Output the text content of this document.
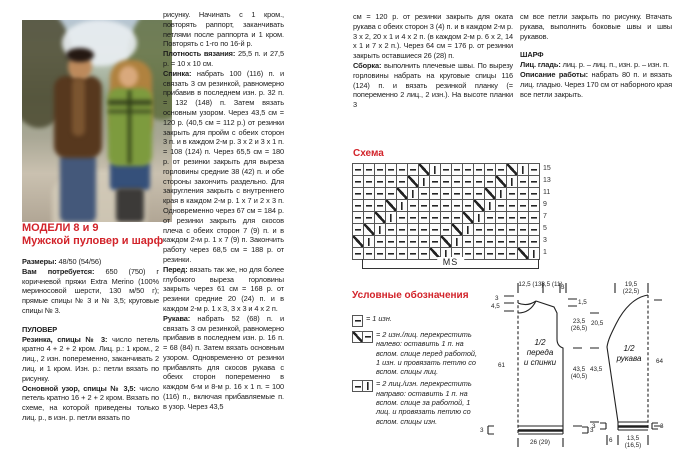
МОДЕЛИ 8 и 9
Мужской пуловер и шарф

Размеры: 48/50 (54/56)

Вам потребуется: 650 (750) г коричневой пряжи Extra Merino (100% мериносовой шерсти, 130 м/50 г); прямые спицы № 3 и № 3,5; круговые спицы № 3.

ПУЛОВЕР

Резинка, спицы № 3: число петель кратно 4 + 2 + 2 кром. Лиц. р.: 1 кром., 2 лиц., 2 изн. попеременно, заканчивать 2 лиц. и 1 кром. Изн. р.: петли вязать по рисунку.

Основной узор, спицы № 3,5: число петель кратно 16 + 2 + 2 кром. Вязать по схеме, на которой приведены только лиц. р., в изн. р. петли вязать по

рисунку. Начинать с 1 кром., повторять раппорт, заканчивать петлями после раппорта и 1 кром. Повторять с 1-го по 16-й р.

Плотность вязания: 25,5 п. и 27,5 р. = 10 x 10 см.

Спинка: набрать 100 (116) п. и связать 3 см резинкой, равномерно прибавив в последнем изн. р. 32 п. = 132 (148) п. Затем вязать основным узором. Через 43,5 см = 120 р. (40,5 см = 112 р.) от резинки закрыть для пройм с обеих сторон 3 п. и в каждом 2-м р. 3 x 2 и 3 x 1 п. = 108 (124) п. Через 65,5 см = 180 р. от резинки закрыть для выреза горловины средние 38 (42) п. и обе стороны закончить раздельно. Для закругления закрыть с внутреннего края в каждом 2-м р. 1 x 7 и 2 x 3 п. Одновременно через 67 см = 184 р. от резинки закрыть для скосов плеча с обеих сторон 7 (9) п. и в каждом 2-м р. 1 x 7 (9) п. Закончить работу через 68,5 см = 188 р. от резинки.

Перед: вязать так же, но для более глубокого выреза горловины закрыть через 61 см = 168 р. от резинки средние 20 (24) п. и в каждом 2-м р. 1 x 3, 3 x 3 и 4 x 2 п.

Рукава: набрать 52 (68) п. и связать 3 см резинкой, равномерно прибавив в последнем изн. р. 16 п. = 68 (84) п. Затем вязать основным узором. Одновременно от резинки прибавлять для скосов рукава с обеих сторон попеременно в каждом 6-м и 8-м р. 16 x 1 п. = 100 (116) п., включая прибавляемые п. в узор. Через 43,5

см = 120 р. от резинки закрыть для оката рукава с обеих сторон 3 (4) п. и в каждом 2-м р. 3 x 2, 20 x 1 и 4 x 2 п. (в каждом 2-м р. 6 x 2, 14 x 1 и 7 x 2 п.). Через 64 см = 176 р. от резинки закрыть оставшиеся 26 (28) п.

Сборка: выполнить плечевые швы. По вырезу горловины набрать на круговые спицы 116 (124) п. и вязать резинкой планку (= попеременно 2 лиц., 2 изн.). На высоте планки 3

см все петли закрыть по рисунку. Втачать рукава, выполнить боковые швы и швы рукавов.

ШАРФ

Лиц. гладь: лиц. р. – лиц. п., изн. р. – изн. п.

Описание работы: набрать 80 п. и вязать лиц. гладью. Через 170 см от наборного края все петли закрыть.

Схема
15
13
11
9
7
5
3
1
MS
Условные обозначения
= 1 изн.
= 2 изн./лиц. перекрестить налево: оставить 1 п. на вспом. спице перед работой, 1 изн. и провязать петлю со вспом. спицы лиц.
= 2 лиц./изн. перекрестить направо: оставить 1 п. на вспом. спице за работой, 1 лиц. и провязать петлю со вспом. спицы изн.
12,5 (13)
8,5 (11)
3
3
4,5
61
1,5
23,5 (26,5)
43,5 (40,5)
3	3
26 (29)
1/2
переда
и спинки
19,5 (22,5)
20,5
43,5
64
3	3
6	13,5 (16,5)
1/2
рукава
